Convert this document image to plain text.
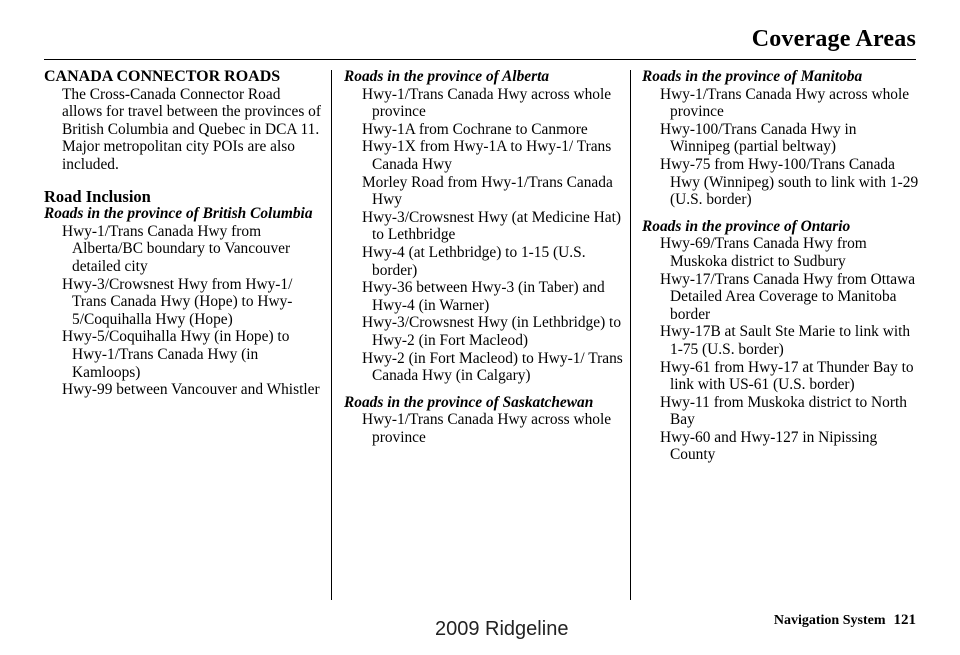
Coverage Areas

CANADA CONNECTOR ROADS

The Cross-Canada Connector Road allows for travel between the provinces of British Columbia and Quebec in DCA 11. Major metropolitan city POIs are also included.

Road Inclusion

Roads in the province of British Columbia

Hwy-1/Trans Canada Hwy from Alberta/BC boundary to Vancouver detailed city
Hwy-3/Crowsnest Hwy from Hwy-1/ Trans Canada Hwy (Hope) to Hwy-5/Coquihalla Hwy (Hope)
Hwy-5/Coquihalla Hwy (in Hope) to Hwy-1/Trans Canada Hwy (in Kamloops)
Hwy-99 between Vancouver and Whistler

Roads in the province of Alberta

Hwy-1/Trans Canada Hwy across whole province
Hwy-1A from Cochrane to Canmore
Hwy-1X from Hwy-1A to Hwy-1/ Trans Canada Hwy
Morley Road from Hwy-1/Trans Canada Hwy
Hwy-3/Crowsnest Hwy (at Medicine Hat) to Lethbridge
Hwy-4 (at Lethbridge) to 1-15 (U.S. border)
Hwy-36 between Hwy-3 (in Taber) and Hwy-4 (in Warner)
Hwy-3/Crowsnest Hwy (in Lethbridge) to Hwy-2 (in Fort Macleod)
Hwy-2 (in Fort Macleod) to Hwy-1/ Trans Canada Hwy (in Calgary)

Roads in the province of Saskatchewan

Hwy-1/Trans Canada Hwy across whole province

Roads in the province of Manitoba

Hwy-1/Trans Canada Hwy across whole province
Hwy-100/Trans Canada Hwy in Winnipeg (partial beltway)
Hwy-75 from Hwy-100/Trans Canada Hwy (Winnipeg) south to link with 1-29 (U.S. border)

Roads in the province of Ontario

Hwy-69/Trans Canada Hwy from Muskoka district to Sudbury
Hwy-17/Trans Canada Hwy from Ottawa Detailed Area Coverage to Manitoba border
Hwy-17B at Sault Ste Marie to link with 1-75 (U.S. border)
Hwy-61 from Hwy-17 at Thunder Bay to link with US-61 (U.S. border)
Hwy-11 from Muskoka district to North Bay
Hwy-60 and Hwy-127 in Nipissing County
Navigation System 121
2009 Ridgeline
